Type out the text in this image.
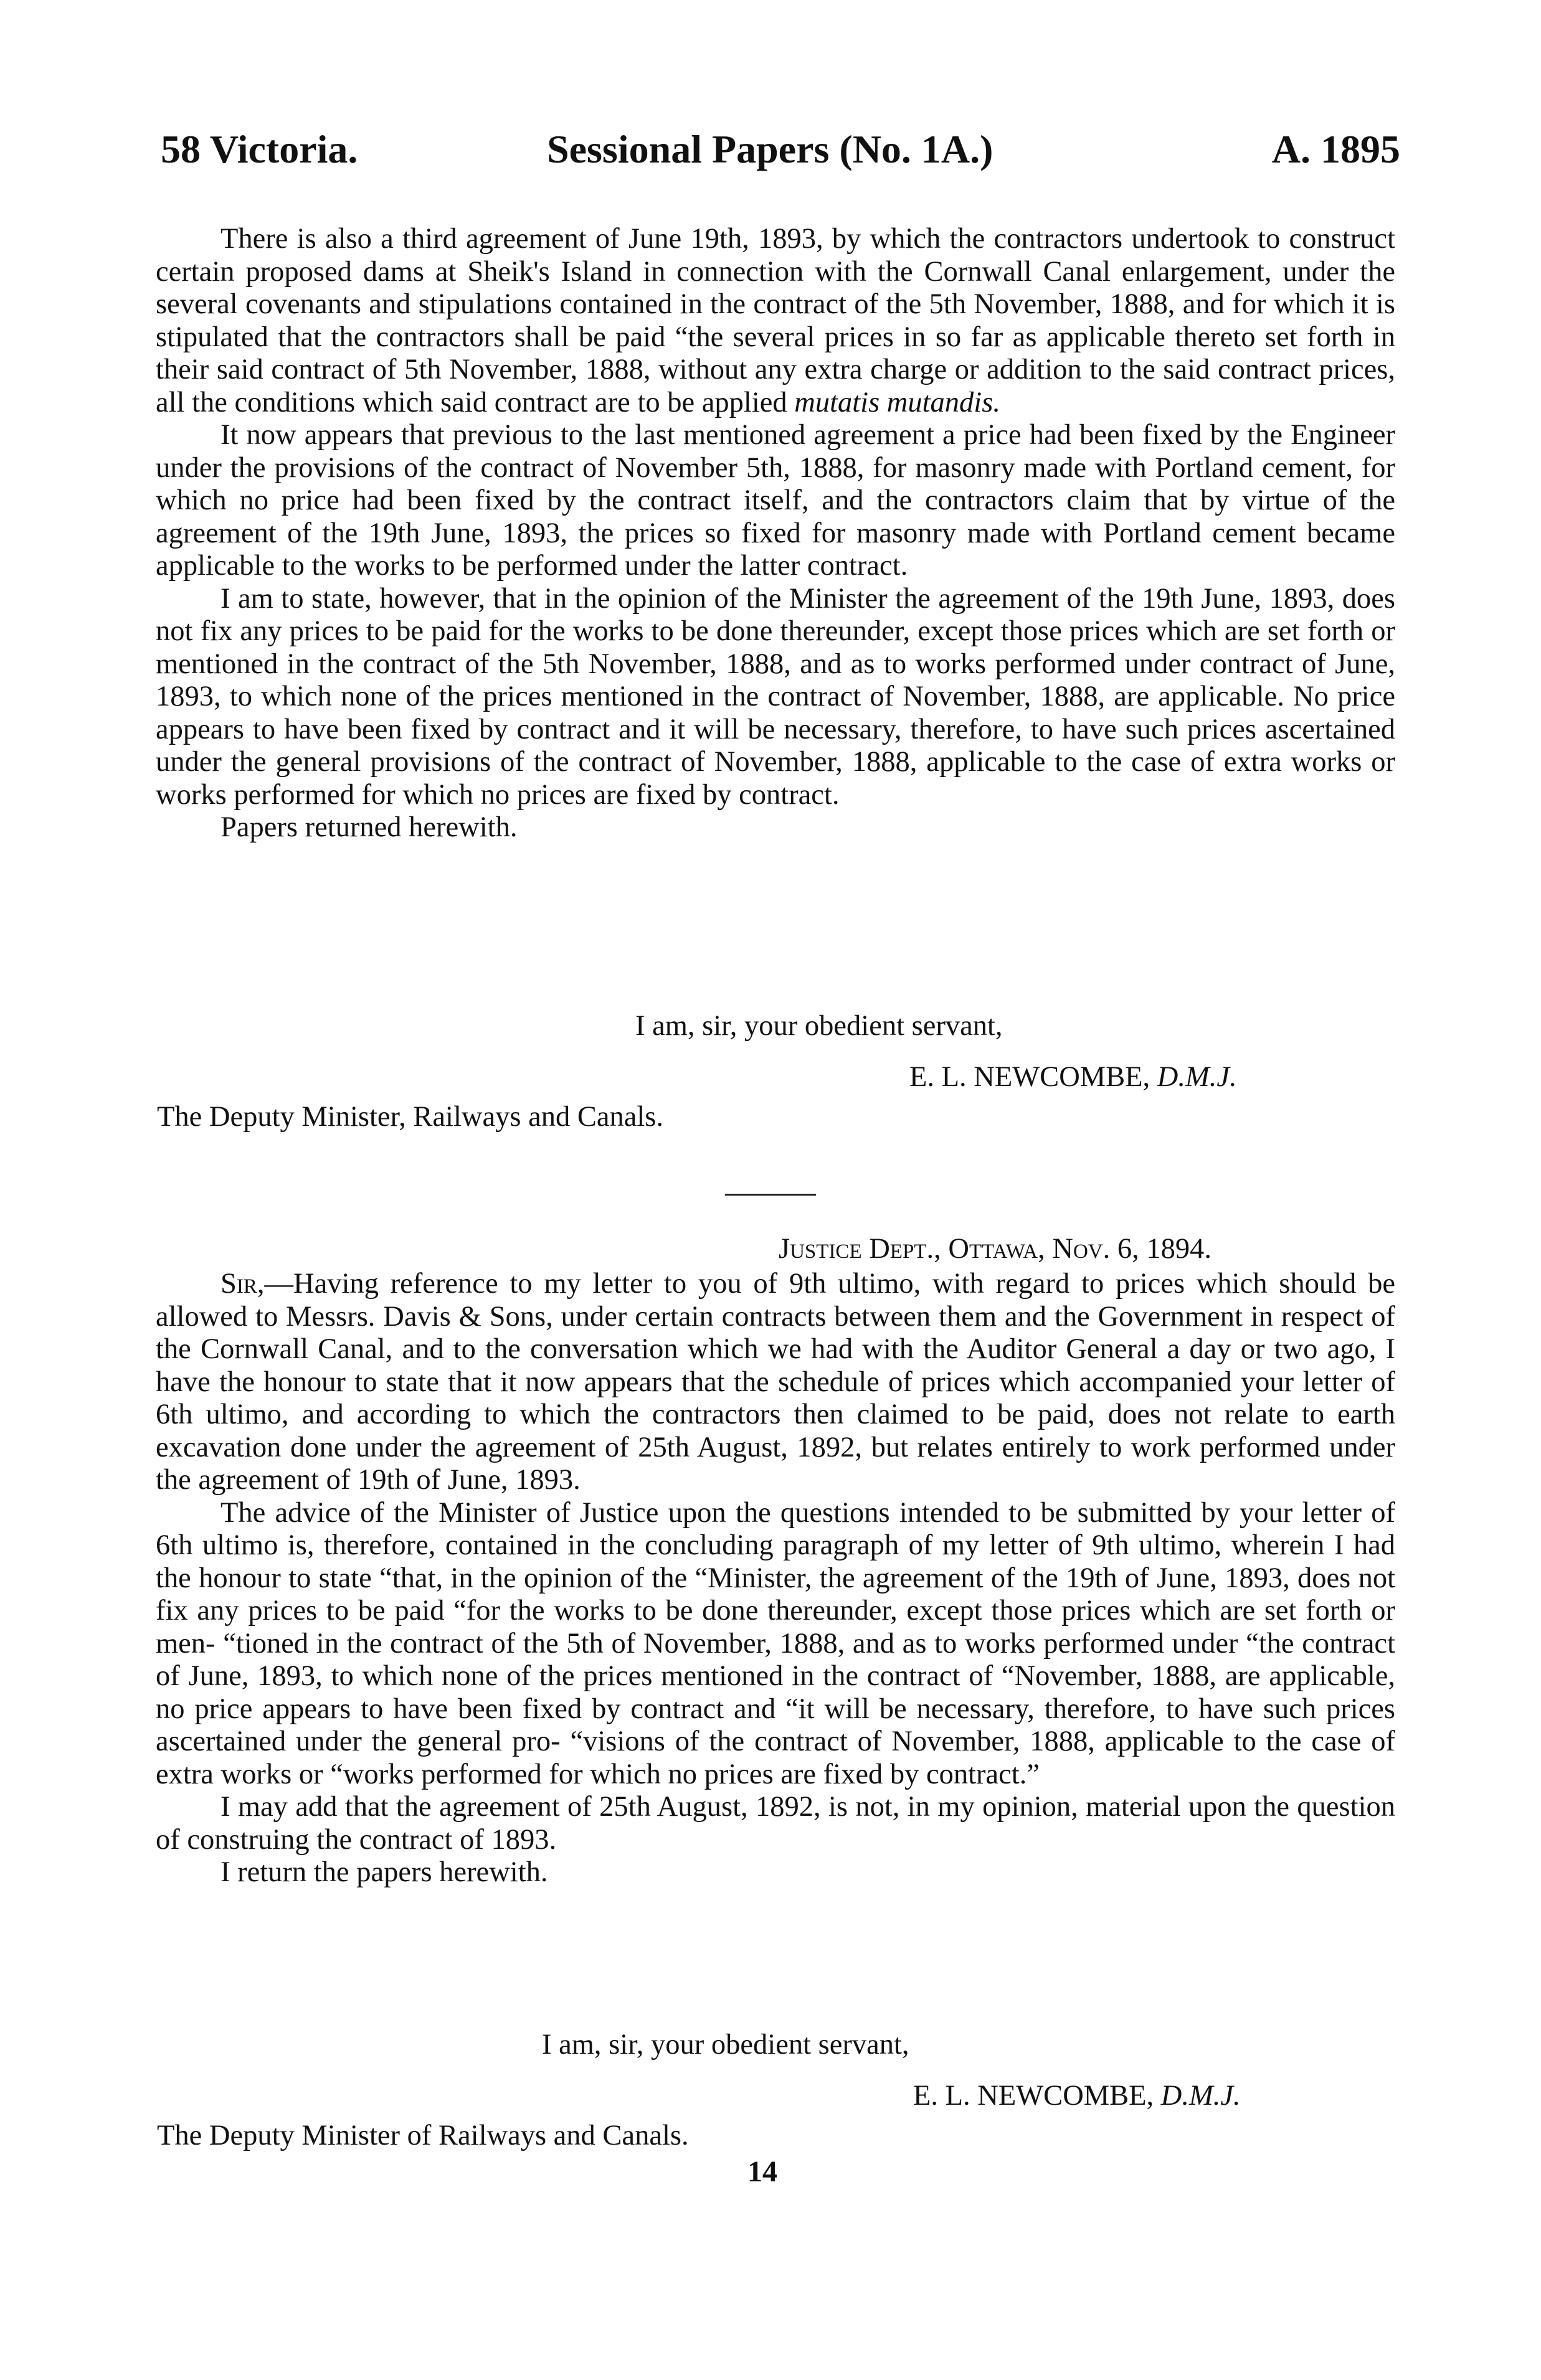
58 Victoria.	Sessional Papers (No. 1A.)	A. 1895

There is also a third agreement of June 19th, 1893, by which the contractors undertook to construct certain proposed dams at Sheik's Island in connection with the Cornwall Canal enlargement, under the several covenants and stipulations contained in the contract of the 5th November, 1888, and for which it is stipulated that the contractors shall be paid “the several prices in so far as applicable thereto set forth in their said contract of 5th November, 1888, without any extra charge or addition to the said contract prices, all the conditions which said contract are to be applied mutatis mutandis.

It now appears that previous to the last mentioned agreement a price had been fixed by the Engineer under the provisions of the contract of November 5th, 1888, for masonry made with Portland cement, for which no price had been fixed by the contract itself, and the contractors claim that by virtue of the agreement of the 19th June, 1893, the prices so fixed for masonry made with Portland cement became applicable to the works to be performed under the latter contract.

I am to state, however, that in the opinion of the Minister the agreement of the 19th June, 1893, does not fix any prices to be paid for the works to be done thereunder, except those prices which are set forth or mentioned in the contract of the 5th November, 1888, and as to works performed under contract of June, 1893, to which none of the prices mentioned in the contract of November, 1888, are applicable. No price appears to have been fixed by contract and it will be necessary, therefore, to have such prices ascertained under the general provisions of the contract of November, 1888, applicable to the case of extra works or works performed for which no prices are fixed by contract.

Papers returned herewith.

I am, sir, your obedient servant,
E. L. NEWCOMBE, D.M.J.
The Deputy Minister, Railways and Canals.
Justice Dept., Ottawa, Nov. 6, 1894.

Sir,—Having reference to my letter to you of 9th ultimo, with regard to prices which should be allowed to Messrs. Davis & Sons, under certain contracts between them and the Government in respect of the Cornwall Canal, and to the conversation which we had with the Auditor General a day or two ago, I have the honour to state that it now appears that the schedule of prices which accompanied your letter of 6th ultimo, and according to which the contractors then claimed to be paid, does not relate to earth excavation done under the agreement of 25th August, 1892, but relates entirely to work performed under the agreement of 19th of June, 1893.

The advice of the Minister of Justice upon the questions intended to be submitted by your letter of 6th ultimo is, therefore, contained in the concluding paragraph of my letter of 9th ultimo, wherein I had the honour to state “that, in the opinion of the “Minister, the agreement of the 19th of June, 1893, does not fix any prices to be paid “for the works to be done thereunder, except those prices which are set forth or men- “tioned in the contract of the 5th of November, 1888, and as to works performed under “the contract of June, 1893, to which none of the prices mentioned in the contract of “November, 1888, are applicable, no price appears to have been fixed by contract and “it will be necessary, therefore, to have such prices ascertained under the general pro- “visions of the contract of November, 1888, applicable to the case of extra works or “works performed for which no prices are fixed by contract.”

I may add that the agreement of 25th August, 1892, is not, in my opinion, material upon the question of construing the contract of 1893.

I return the papers herewith.

I am, sir, your obedient servant,
E. L. NEWCOMBE, D.M.J.
The Deputy Minister of Railways and Canals.
14
